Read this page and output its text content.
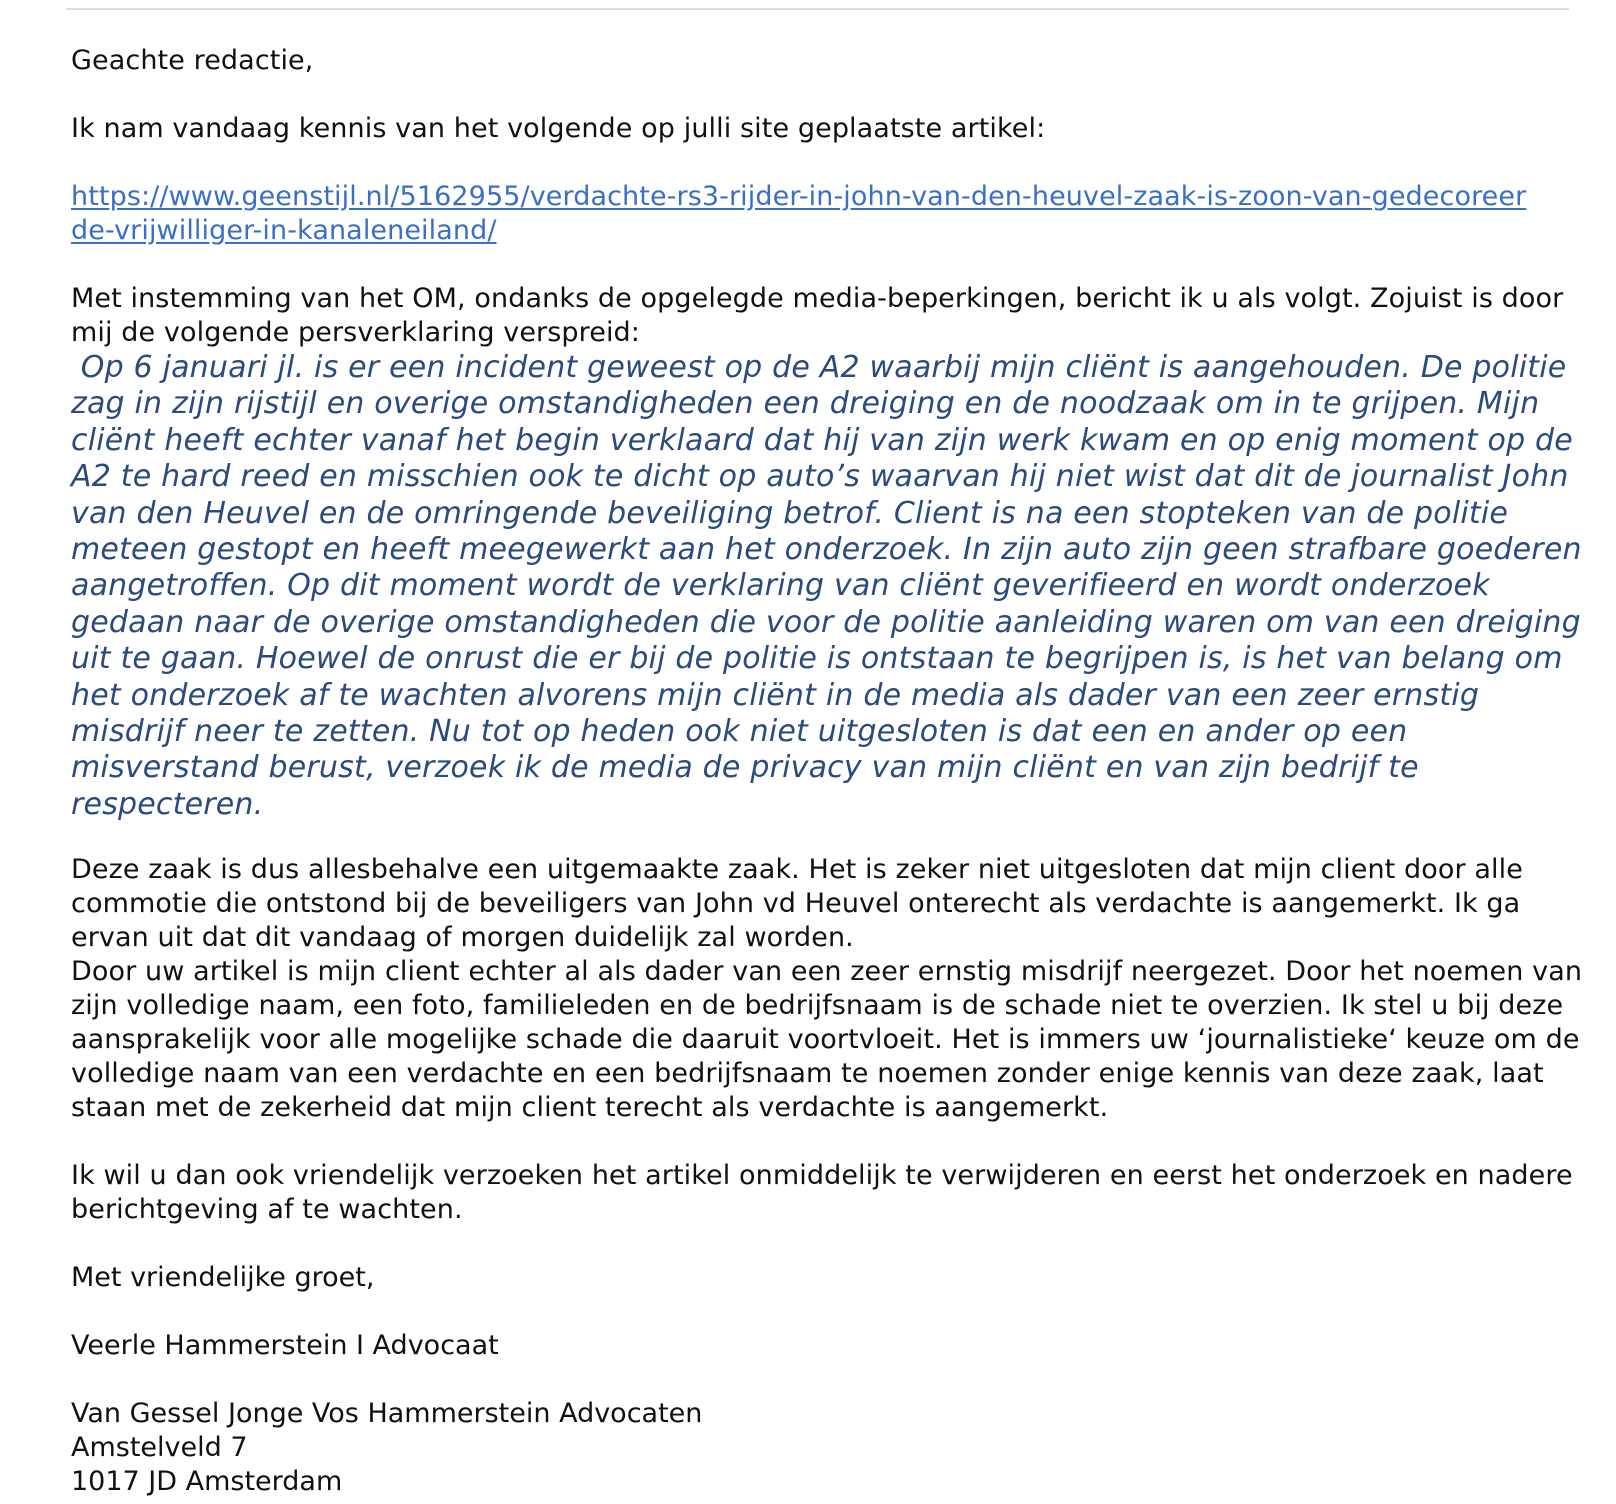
Geachte redactie,

Ik nam vandaag kennis van het volgende op julli site geplaatste artikel:

https://www.geenstijl.nl/5162955/verdachte-rs3-rijder-in-john-van-den-heuvel-zaak-is-zoon-van-gedecoreerde-vrijwilliger-in-kanaleneiland/

Met instemming van het OM, ondanks de opgelegde media-beperkingen, bericht ik u als volgt. Zojuist is door mij de volgende persverklaring verspreid:

Op 6 januari jl. is er een incident geweest op de A2 waarbij mijn cliënt is aangehouden. De politie zag in zijn rijstijl en overige omstandigheden een dreiging en de noodzaak om in te grijpen. Mijn cliënt heeft echter vanaf het begin verklaard dat hij van zijn werk kwam en op enig moment op de A2 te hard reed en misschien ook te dicht op auto’s waarvan hij niet wist dat dit de journalist John van den Heuvel en de omringende beveiliging betrof. Client is na een stopteken van de politie meteen gestopt en heeft meegewerkt aan het onderzoek. In zijn auto zijn geen strafbare goederen aangetroffen. Op dit moment wordt de verklaring van cliënt geverifieerd en wordt onderzoek gedaan naar de overige omstandigheden die voor de politie aanleiding waren om van een dreiging uit te gaan. Hoewel de onrust die er bij de politie is ontstaan te begrijpen is, is het van belang om het onderzoek af te wachten alvorens mijn cliënt in de media als dader van een zeer ernstig misdrijf neer te zetten. Nu tot op heden ook niet uitgesloten is dat een en ander op een misverstand berust, verzoek ik de media de privacy van mijn cliënt en van zijn bedrijf te respecteren.

Deze zaak is dus allesbehalve een uitgemaakte zaak. Het is zeker niet uitgesloten dat mijn client door alle commotie die ontstond bij de beveiligers van John vd Heuvel onterecht als verdachte is aangemerkt. Ik ga ervan uit dat dit vandaag of morgen duidelijk zal worden.

Door uw artikel is mijn client echter al als dader van een zeer ernstig misdrijf neergezet. Door het noemen van zijn volledige naam, een foto, familieleden en de bedrijfsnaam is de schade niet te overzien. Ik stel u bij deze aansprakelijk voor alle mogelijke schade die daaruit voortvloeit. Het is immers uw ‘journalistieke‘ keuze om de volledige naam van een verdachte en een bedrijfsnaam te noemen zonder enige kennis van deze zaak, laat staan met de zekerheid dat mijn client terecht als verdachte is aangemerkt.

Ik wil u dan ook vriendelijk verzoeken het artikel onmiddelijk te verwijderen en eerst het onderzoek en nadere berichtgeving af te wachten.

Met vriendelijke groet,

Veerle Hammerstein I Advocaat

Van Gessel Jonge Vos Hammerstein Advocaten

Amstelveld 7

1017 JD Amsterdam
